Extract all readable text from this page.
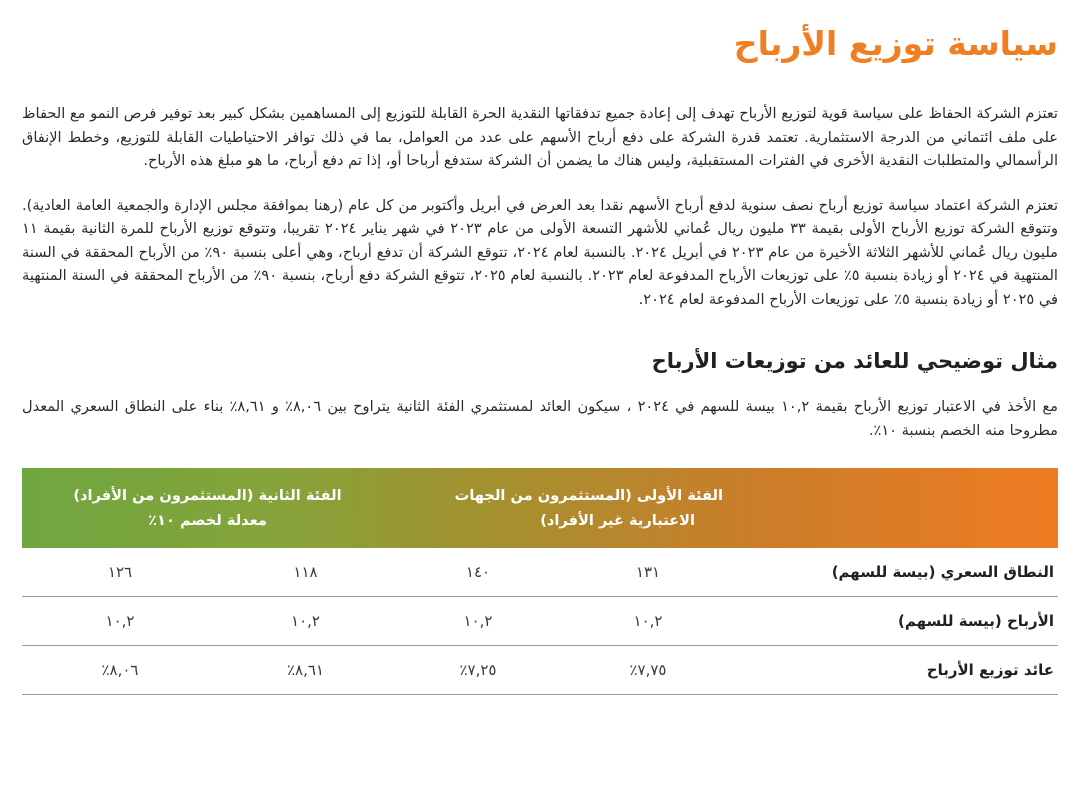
سياسة توزيع الأرباح

تعتزم الشركة الحفاظ على سياسة قوية لتوزيع الأرباح تهدف إلى إعادة جميع تدفقاتها النقدية الحرة القابلة للتوزيع إلى المساهمين بشكل كبير بعد توفير فرص النمو مع الحفاظ على ملف ائتماني من الدرجة الاستثمارية. تعتمد قدرة الشركة على دفع أرباح الأسهم على عدد من العوامل، بما في ذلك توافر الاحتياطيات القابلة للتوزيع، وخطط الإنفاق الرأسمالي والمتطلبات النقدية الأخرى في الفترات المستقبلية، وليس هناك ما يضمن أن الشركة ستدفع أرباحا أو، إذا تم دفع أرباح، ما هو مبلغ هذه الأرباح.

تعتزم الشركة اعتماد سياسة توزيع أرباح نصف سنوية لدفع أرباح الأسهم نقدا بعد العرض في أبريل وأكتوبر من كل عام (رهنا بموافقة مجلس الإدارة والجمعية العامة العادية). وتتوقع الشركة توزيع الأرباح الأولى بقيمة ٣٣ مليون ريال عُماني للأشهر التسعة الأولى من عام ٢٠٢٣ في شهر يناير ٢٠٢٤ تقريبا، وتتوقع توزيع الأرباح للمرة الثانية بقيمة ١١ مليون ريال عُماني للأشهر الثلاثة الأخيرة من عام ٢٠٢٣ في أبريل ٢٠٢٤. بالنسبة لعام ٢٠٢٤، تتوقع الشركة أن تدفع أرباح، وهي أعلى بنسبة ٩٠٪ من الأرباح المحققة في السنة المنتهية في ٢٠٢٤ أو زيادة بنسبة ٥٪ على توزيعات الأرباح المدفوعة لعام ٢٠٢٣. بالنسبة لعام ٢٠٢٥، تتوقع الشركة دفع أرباح، بنسبة ٩٠٪ من الأرباح المحققة في السنة المنتهية في ٢٠٢٥ أو زيادة بنسبة ٥٪ على توزيعات الأرباح المدفوعة لعام ٢٠٢٤.

مثال توضيحي للعائد من توزيعات الأرباح

مع الأخذ في الاعتبار توزيع الأرباح بقيمة ١٠,٢ بيسة للسهم في ٢٠٢٤ ، سيكون العائد لمستثمري الفئة الثانية يتراوح بين ٨,٠٦٪ و ٨,٦١٪ بناء على النطاق السعري المعدل مطروحا منه الخصم بنسبة ١٠٪.

الفئة الأولى (المستثمرون من الجهات
الاعتبارية غير الأفراد)
الفئة الثانية (المستثمرون من الأفراد)
معدلة لخصم ١٠٪
النطاق السعري (بيسة للسهم)
١٣١
١٤٠
١١٨
١٢٦
الأرباح (بيسة للسهم)
١٠,٢
١٠,٢
١٠,٢
١٠,٢
عائد توزيع الأرباح
٧,٧٥٪
٧,٢٥٪
٨,٦١٪
٨,٠٦٪
